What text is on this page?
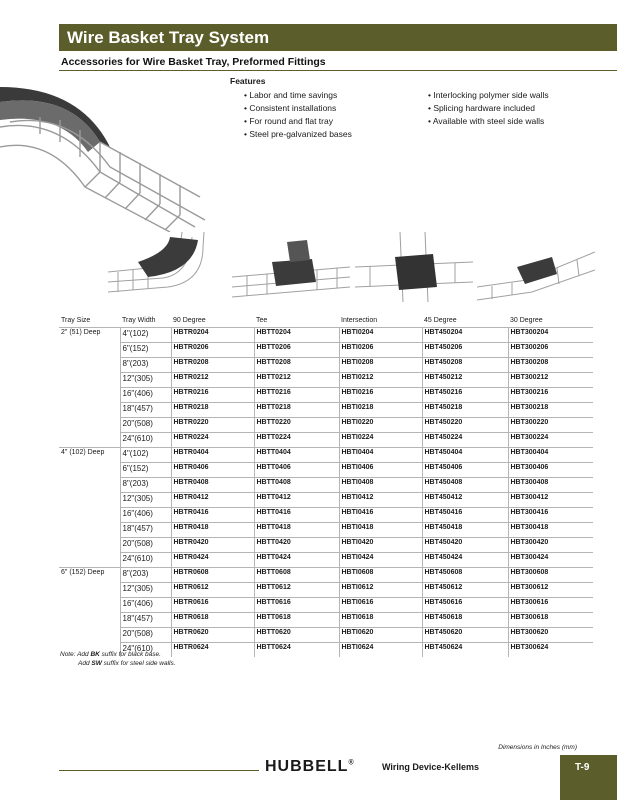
Wire Basket Tray System
Accessories for Wire Basket Tray, Preformed Fittings
Features
• Labor and time savings
• Consistent installations
• For round and flat tray
• Steel pre-galvanized bases
• Interlocking polymer side walls
• Splicing hardware included
• Available with steel side walls
Tray Size	Tray Width	90 Degree	Tee	Intersection	45 Degree	30 Degree
2" (51) Deep	4"(102)	HBTR0204	HBTT0204	HBTI0204	HBT450204	HBT300204
	6"(152)	HBTR0206	HBTT0206	HBTI0206	HBT450206	HBT300206
	8"(203)	HBTR0208	HBTT0208	HBTI0208	HBT450208	HBT300208
	12"(305)	HBTR0212	HBTT0212	HBTI0212	HBT450212	HBT300212
	16"(406)	HBTR0216	HBTT0216	HBTI0216	HBT450216	HBT300216
	18"(457)	HBTR0218	HBTT0218	HBTI0218	HBT450218	HBT300218
	20"(508)	HBTR0220	HBTT0220	HBTI0220	HBT450220	HBT300220
	24"(610)	HBTR0224	HBTT0224	HBTI0224	HBT450224	HBT300224
4" (102) Deep	4"(102)	HBTR0404	HBTT0404	HBTI0404	HBT450404	HBT300404
	6"(152)	HBTR0406	HBTT0406	HBTI0406	HBT450406	HBT300406
	8"(203)	HBTR0408	HBTT0408	HBTI0408	HBT450408	HBT300408
	12"(305)	HBTR0412	HBTT0412	HBTI0412	HBT450412	HBT300412
	16"(406)	HBTR0416	HBTT0416	HBTI0416	HBT450416	HBT300416
	18"(457)	HBTR0418	HBTT0418	HBTI0418	HBT450418	HBT300418
	20"(508)	HBTR0420	HBTT0420	HBTI0420	HBT450420	HBT300420
	24"(610)	HBTR0424	HBTT0424	HBTI0424	HBT450424	HBT300424
6" (152) Deep	8"(203)	HBTR0608	HBTT0608	HBTI0608	HBT450608	HBT300608
	12"(305)	HBTR0612	HBTT0612	HBTI0612	HBT450612	HBT300612
	16"(406)	HBTR0616	HBTT0616	HBTI0616	HBT450616	HBT300616
	18"(457)	HBTR0618	HBTT0618	HBTI0618	HBT450618	HBT300618
	20"(508)	HBTR0620	HBTT0620	HBTI0620	HBT450620	HBT300620
	24"(610)	HBTR0624	HBTT0624	HBTI0624	HBT450624	HBT300624
Note: Add BK suffix for black base.
Add SW suffix for steel side walls.
Dimensions in Inches (mm)
HUBBELL®	Wiring Device-Kellems	T-9
